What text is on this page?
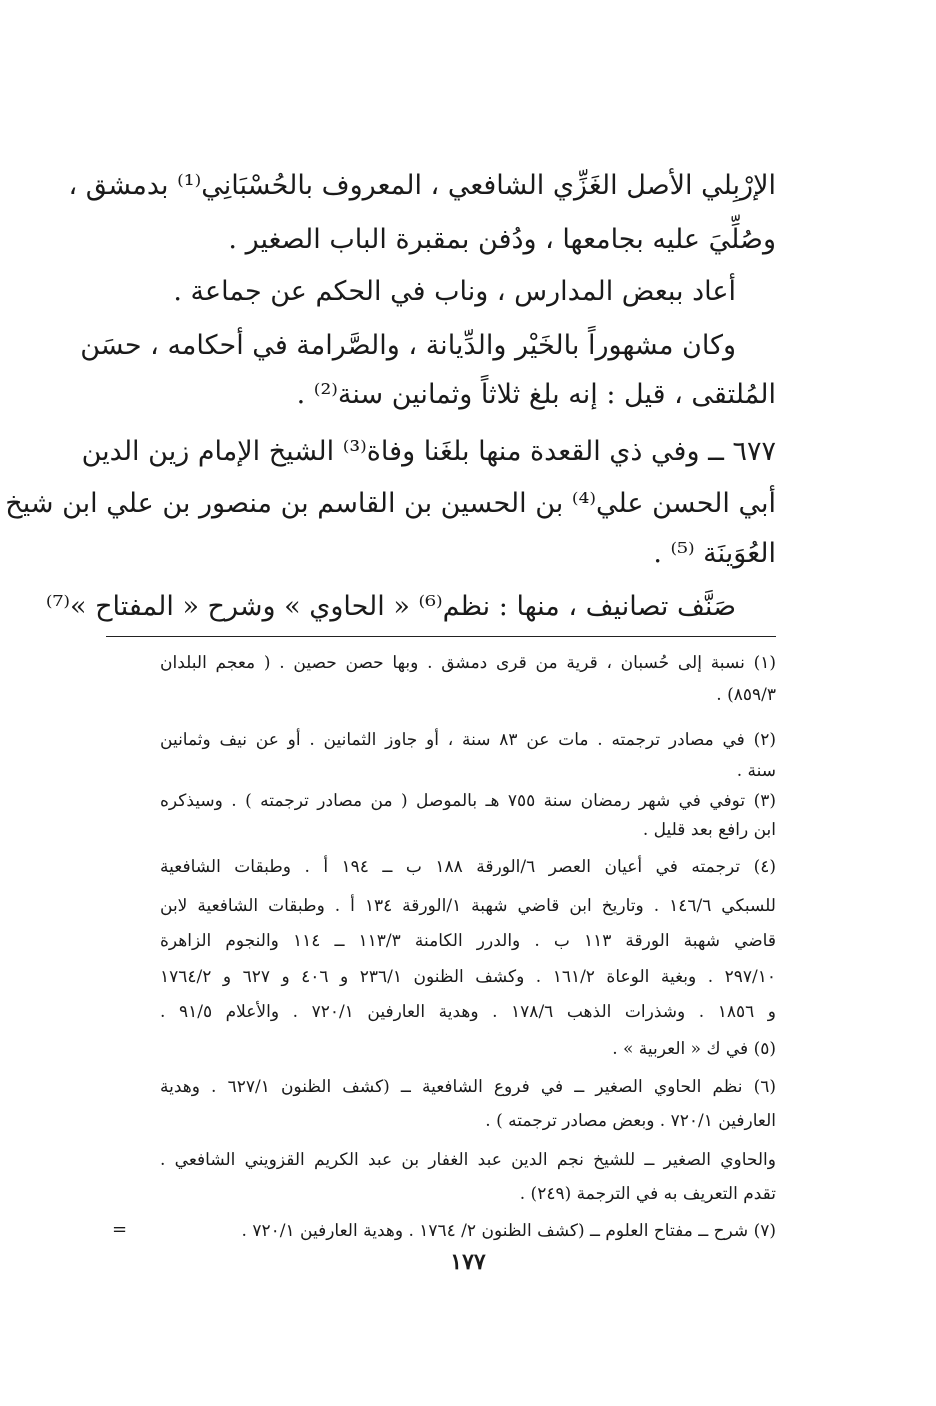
الإرْبِلي الأصل الغَزِّي الشافعي ، المعروف بالحُسْبَانِي⁽¹⁾ بدمشق ،
وصُلِّيَ عليه بجامعها ، ودُفن بمقبرة الباب الصغير .
أعاد ببعض المدارس ، وناب في الحكم عن جماعة .
وكان مشهوراً بالخَيْر والدِّيانة ، والصَّرامة في أحكامه ، حسَن
المُلتقى ، قيل : إنه بلغ ثلاثاً وثمانين سنة⁽²⁾ .
٦٧٧ ــ وفي ذي القعدة منها بلغَنا وفاة⁽³⁾ الشيخ الإمام زين الدين
أبي الحسن علي⁽⁴⁾ بن الحسين بن القاسم بن منصور بن علي ابن شيخ
العُوَينَة ⁽⁵⁾ .
صَنَّف تصانيف ، منها : نظم⁽⁶⁾ « الحاوي » وشرح « المفتاح »⁽⁷⁾
(١) نسبة إلى حُسبان ، قرية من قرى دمشق . وبها حصن حصين . ( معجم البلدان
٨٥٩/٣) .
(٢) في مصادر ترجمته . مات عن ٨٣ سنة ، أو جاوز الثمانين . أو عن نيف وثمانين
سنة .
(٣) توفي في شهر رمضان سنة ٧٥٥ هـ بالموصل ( من مصادر ترجمته ) . وسيذكره
ابن رافع بعد قليل .
(٤) ترجمته في أعيان العصر ٦/الورقة ١٨٨ ب ــ ١٩٤ أ . وطبقات الشافعية
للسبكي ١٤٦/٦ . وتاريخ ابن قاضي شهبة ١/الورقة ١٣٤ أ . وطبقات الشافعية لابن
قاضي شهبة الورقة ١١٣ ب . والدرر الكامنة ١١٣/٣ ــ ١١٤ والنجوم الزاهرة
٢٩٧/١٠ . وبغية الوعاة ١٦١/٢ . وكشف الظنون ٢٣٦/١ و ٤٠٦ و ٦٢٧ و ١٧٦٤/٢
و ١٨٥٦ . وشذرات الذهب ١٧٨/٦ . وهدية العارفين ٧٢٠/١ . والأعلام ٩١/٥ .
(٥) في ك « العربية » .
(٦) نظم الحاوي الصغير ــ في فروع الشافعية ــ (كشف الظنون ٦٢٧/١ . وهدية
العارفين ٧٢٠/١ . وبعض مصادر ترجمته ) .
والحاوي الصغير ــ للشيخ نجم الدين عبد الغفار بن عبد الكريم القزويني الشافعي .
تقدم التعريف به في الترجمة (٢٤٩) .
(٧) شرح ــ مفتاح العلوم ــ (كشف الظنون ٢/ ١٧٦٤ . وهدية العارفين ٧٢٠/١ .
=
١٧٧
